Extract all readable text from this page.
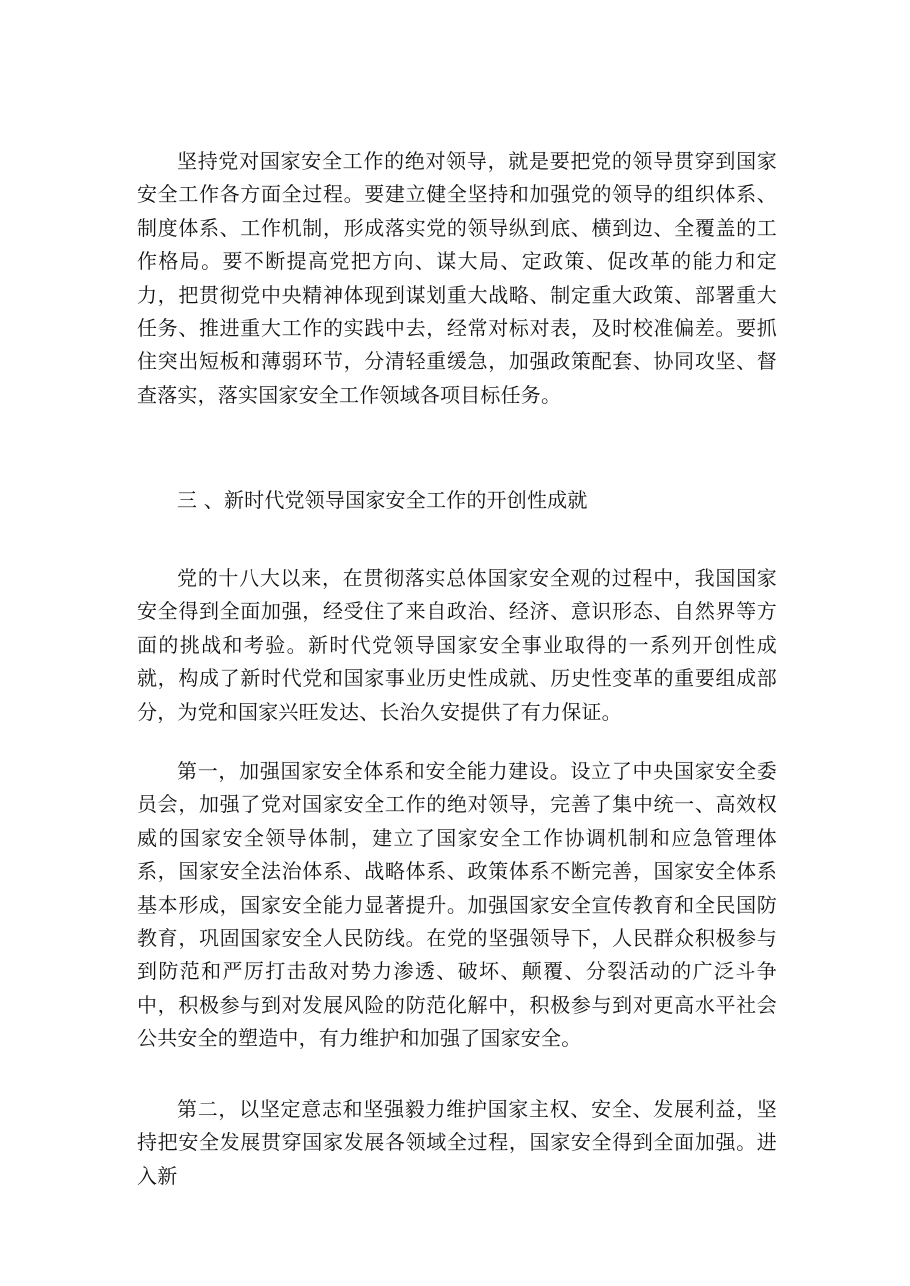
坚持党对国家安全工作的绝对领导，就是要把党的领导贯穿到国家安全工作各方面全过程。要建立健全坚持和加强党的领导的组织体系、制度体系、工作机制，形成落实党的领导纵到底、横到边、全覆盖的工作格局。要不断提高党把方向、谋大局、定政策、促改革的能力和定力，把贯彻党中央精神体现到谋划重大战略、制定重大政策、部署重大任务、推进重大工作的实践中去，经常对标对表，及时校准偏差。要抓住突出短板和薄弱环节，分清轻重缓急，加强政策配套、协同攻坚、督查落实，落实国家安全工作领域各项目标任务。

三 、新时代党领导国家安全工作的开创性成就

党的十八大以来，在贯彻落实总体国家安全观的过程中，我国国家安全得到全面加强，经受住了来自政治、经济、意识形态、自然界等方面的挑战和考验。新时代党领导国家安全事业取得的一系列开创性成就，构成了新时代党和国家事业历史性成就、历史性变革的重要组成部分，为党和国家兴旺发达、长治久安提供了有力保证。

第一，加强国家安全体系和安全能力建设。设立了中央国家安全委员会，加强了党对国家安全工作的绝对领导，完善了集中统一、高效权威的国家安全领导体制，建立了国家安全工作协调机制和应急管理体系，国家安全法治体系、战略体系、政策体系不断完善，国家安全体系基本形成，国家安全能力显著提升。加强国家安全宣传教育和全民国防教育，巩固国家安全人民防线。在党的坚强领导下，人民群众积极参与到防范和严厉打击敌对势力渗透、破坏、颠覆、分裂活动的广泛斗争中，积极参与到对发展风险的防范化解中，积极参与到对更高水平社会公共安全的塑造中，有力维护和加强了国家安全。

第二，以坚定意志和坚强毅力维护国家主权、安全、发展利益，坚持把安全发展贯穿国家发展各领域全过程，国家安全得到全面加强。进入新
